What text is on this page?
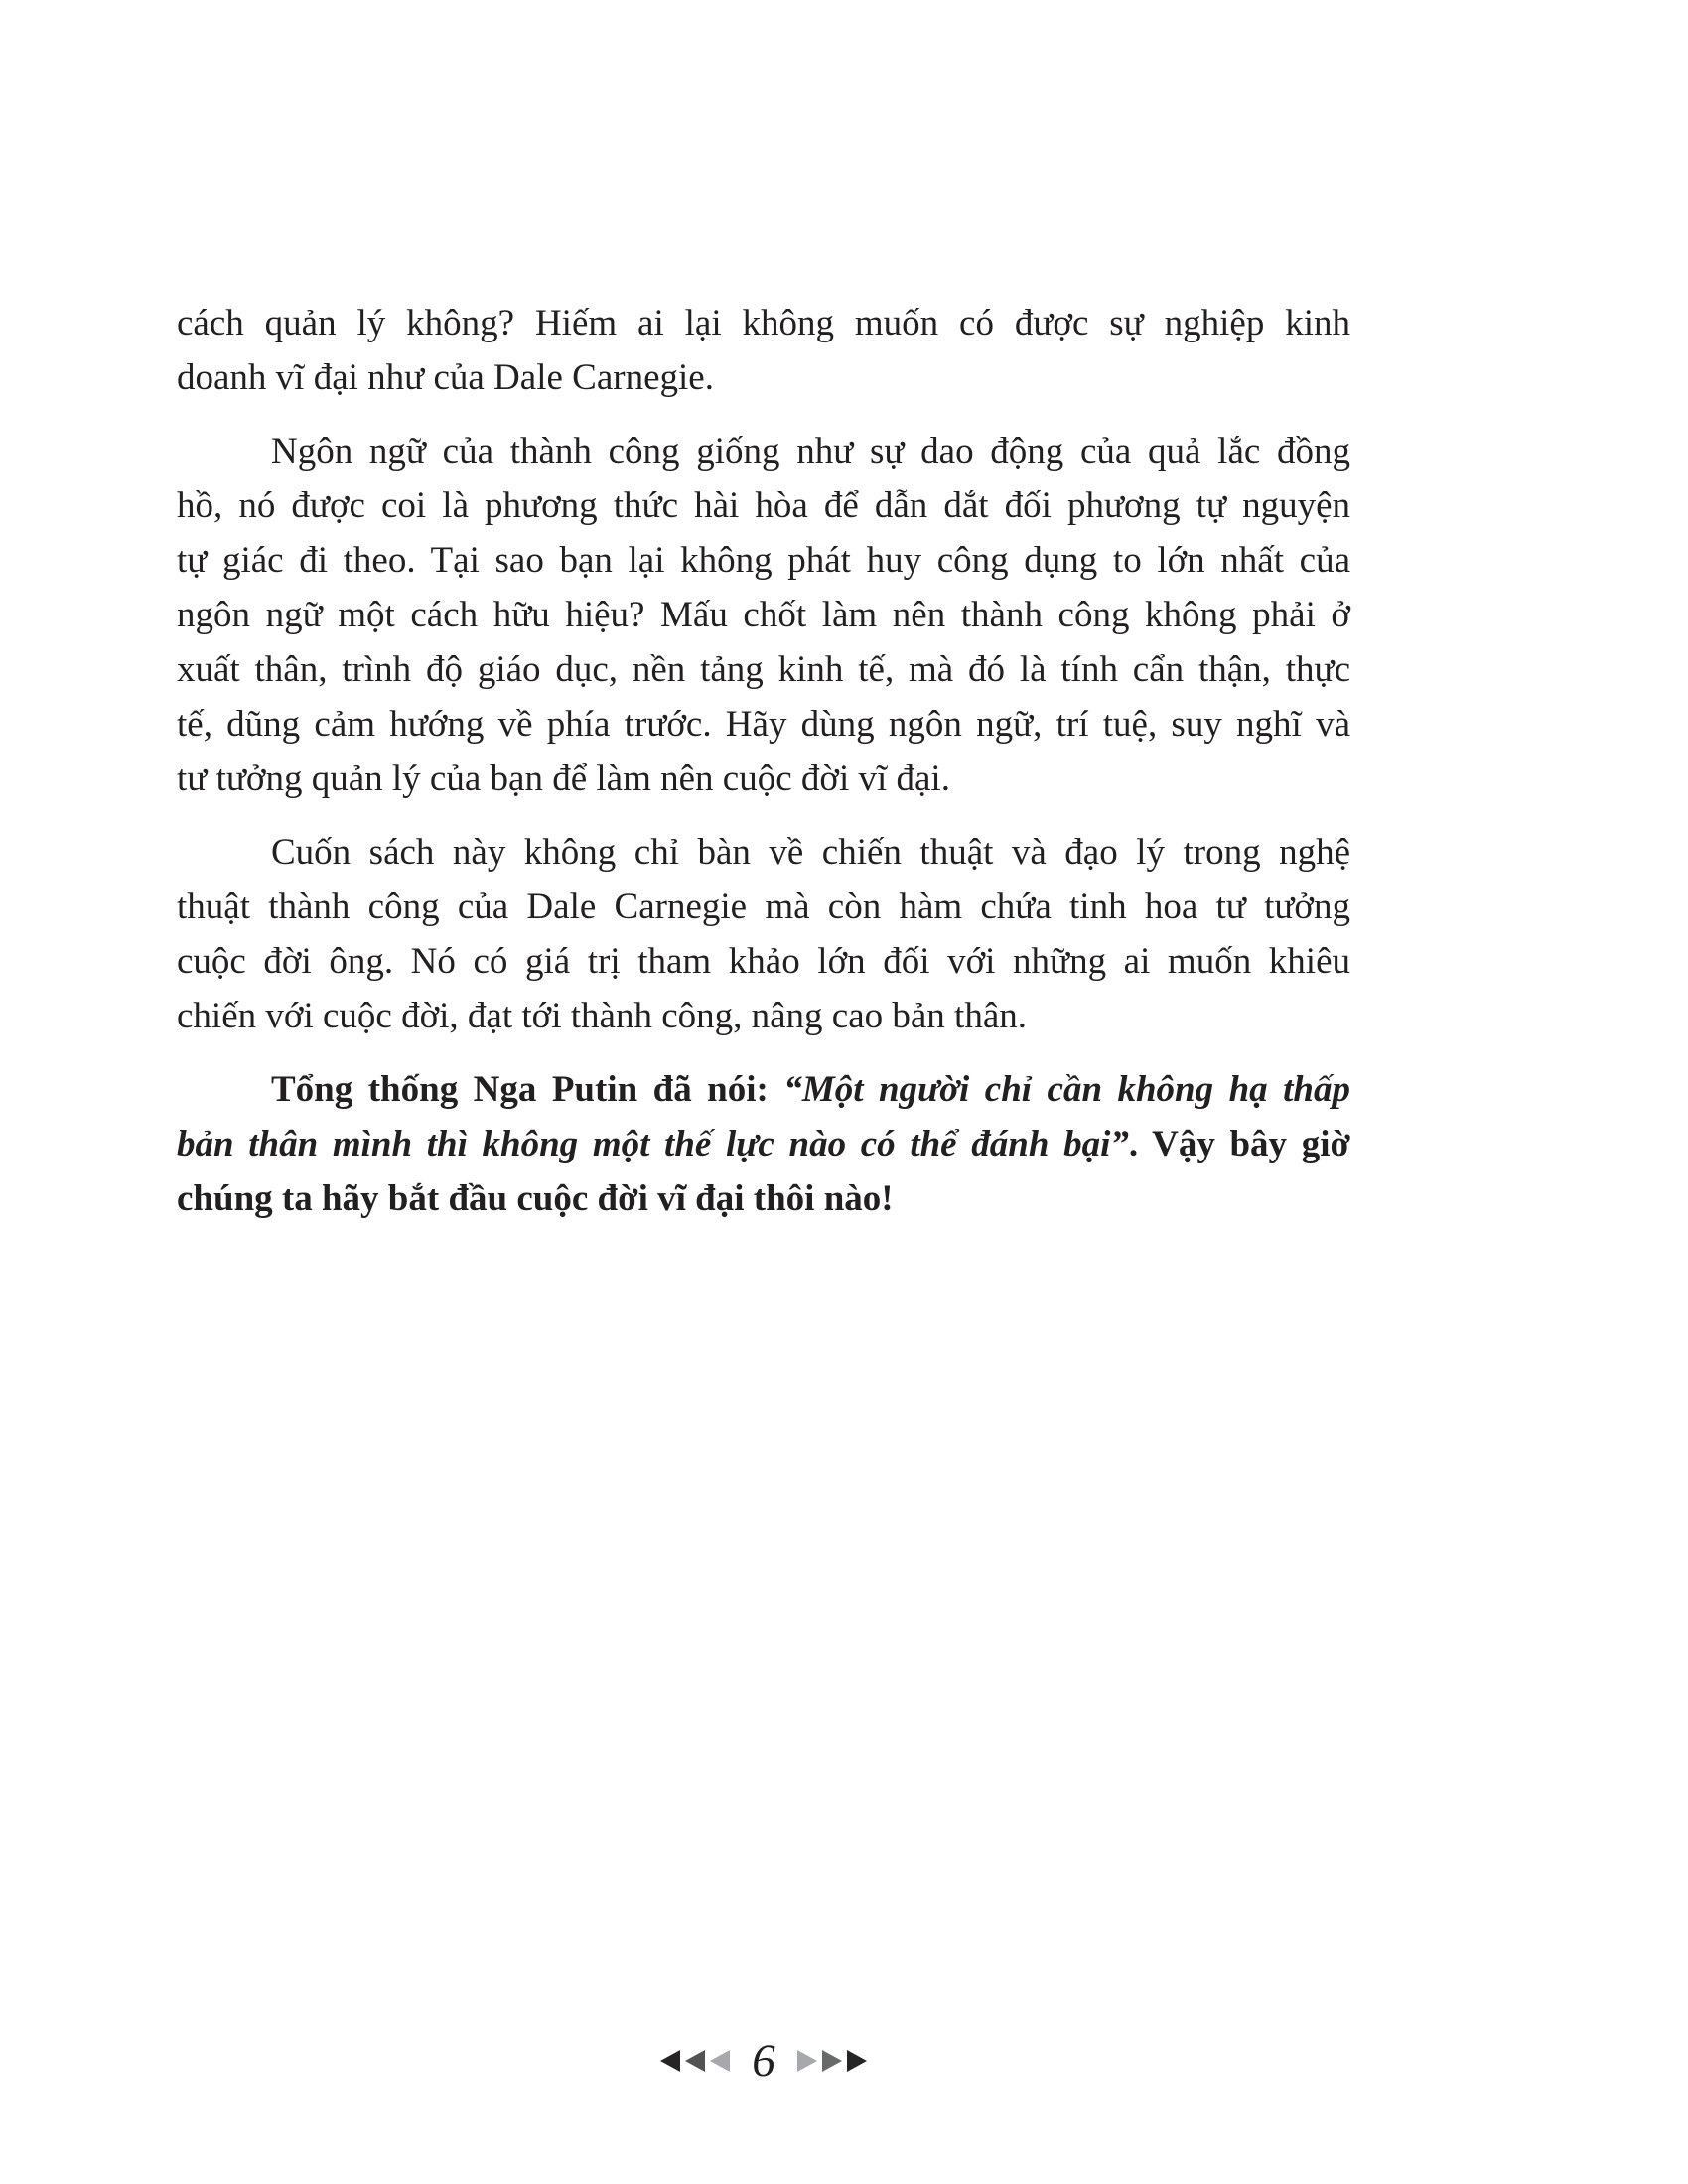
cách quản lý không? Hiếm ai lại không muốn có được sự nghiệp kinh
doanh vĩ đại như của Dale Carnegie.

Ngôn ngữ của thành công giống như sự dao động của quả lắc đồng
hồ, nó được coi là phương thức hài hòa để dẫn dắt đối phương tự nguyện
tự giác đi theo. Tại sao bạn lại không phát huy công dụng to lớn nhất của
ngôn ngữ một cách hữu hiệu? Mấu chốt làm nên thành công không phải ở
xuất thân, trình độ giáo dục, nền tảng kinh tế, mà đó là tính cẩn thận, thực
tế, dũng cảm hướng về phía trước. Hãy dùng ngôn ngữ, trí tuệ, suy nghĩ và
tư tưởng quản lý của bạn để làm nên cuộc đời vĩ đại.

Cuốn sách này không chỉ bàn về chiến thuật và đạo lý trong nghệ
thuật thành công của Dale Carnegie mà còn hàm chứa tinh hoa tư tưởng
cuộc đời ông. Nó có giá trị tham khảo lớn đối với những ai muốn khiêu
chiến với cuộc đời, đạt tới thành công, nâng cao bản thân.

Tổng thống Nga Putin đã nói: “Một người chỉ cần không hạ thấp
bản thân mình thì không một thế lực nào có thể đánh bại”. Vậy bây giờ
chúng ta hãy bắt đầu cuộc đời vĩ đại thôi nào!

6
